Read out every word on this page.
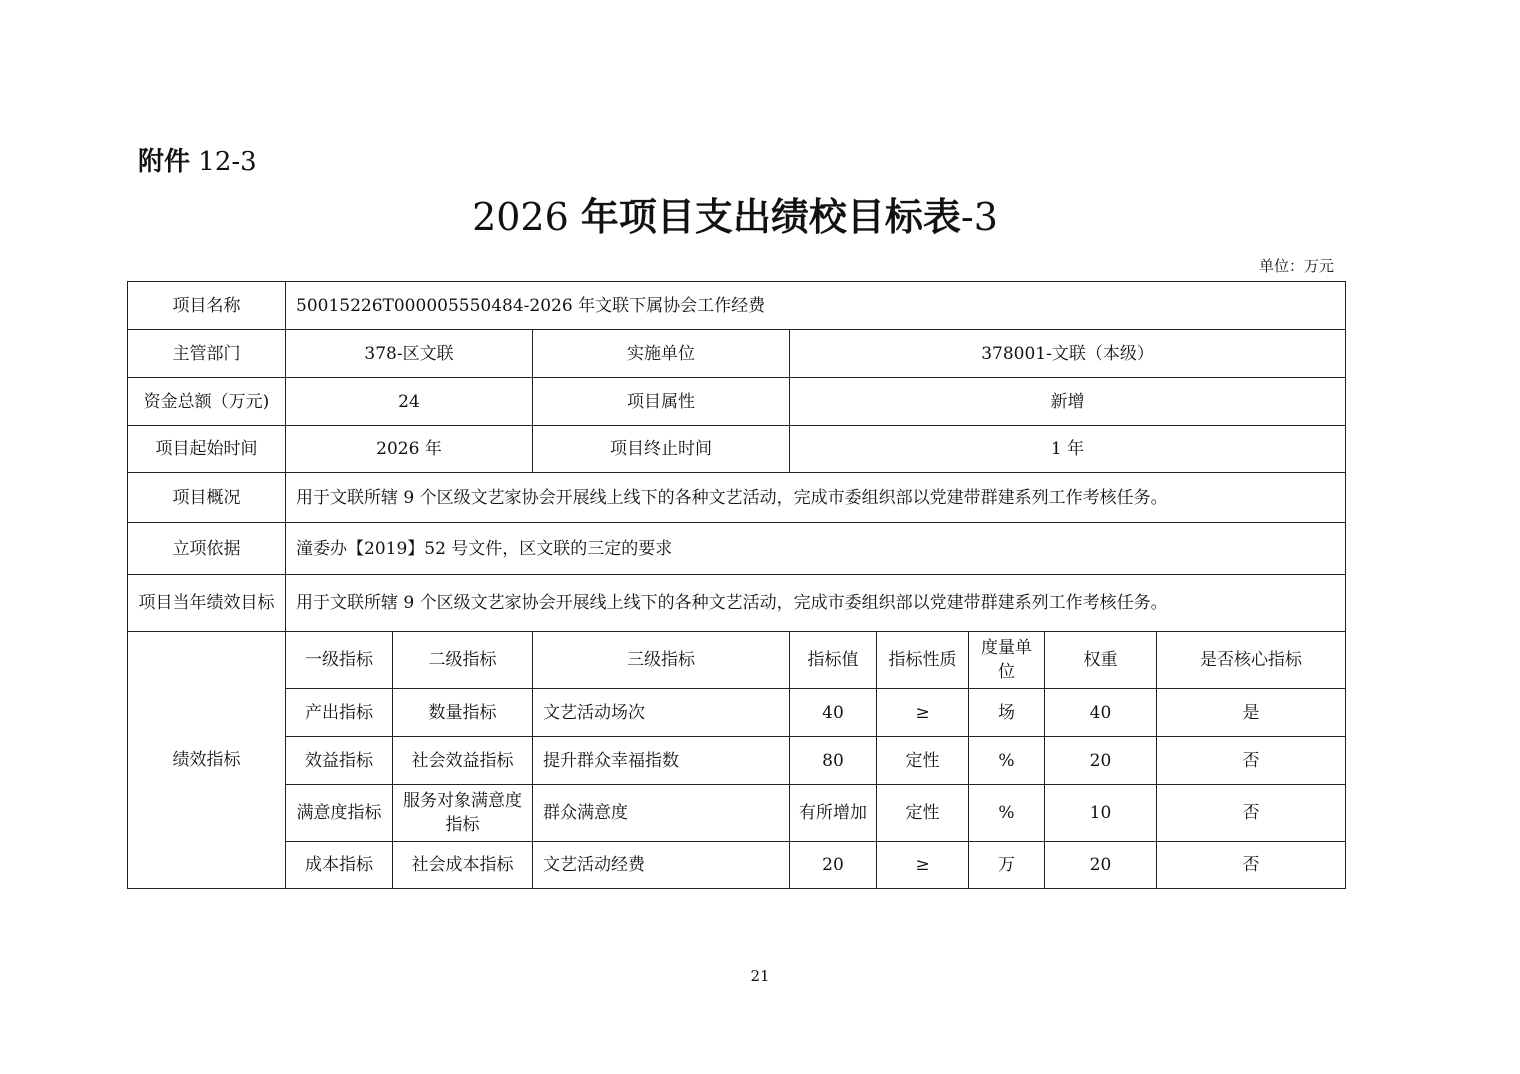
附件 12-3
2026 年项目支出绩校目标表-3
单位：万元
项目名称	50015226T000005550484-2026 年文联下属协会工作经费							
主管部门	378-区文联		实施单位	378001-文联（本级）				
资金总额（万元)	24		项目属性	新增				
项目起始时间	2026 年		项目终止时间	1 年				
项目概况	用于文联所辖 9 个区级文艺家协会开展线上线下的各种文艺活动，完成市委组织部以党建带群建系列工作考核任务。							
立项依据	潼委办【2019】52 号文件，区文联的三定的要求							
项目当年绩效目标	用于文联所辖 9 个区级文艺家协会开展线上线下的各种文艺活动，完成市委组织部以党建带群建系列工作考核任务。							
绩效指标	一级指标	二级指标	三级指标	指标值	指标性质	度量单位	权重	是否核心指标
	产出指标	数量指标	文艺活动场次	40	≥	场	40	是
	效益指标	社会效益指标	提升群众幸福指数	80	定性	%	20	否
	满意度指标	服务对象满意度指标	群众满意度	有所增加	定性	%	10	否
	成本指标	社会成本指标	文艺活动经费	20	≥	万	20	否
21
